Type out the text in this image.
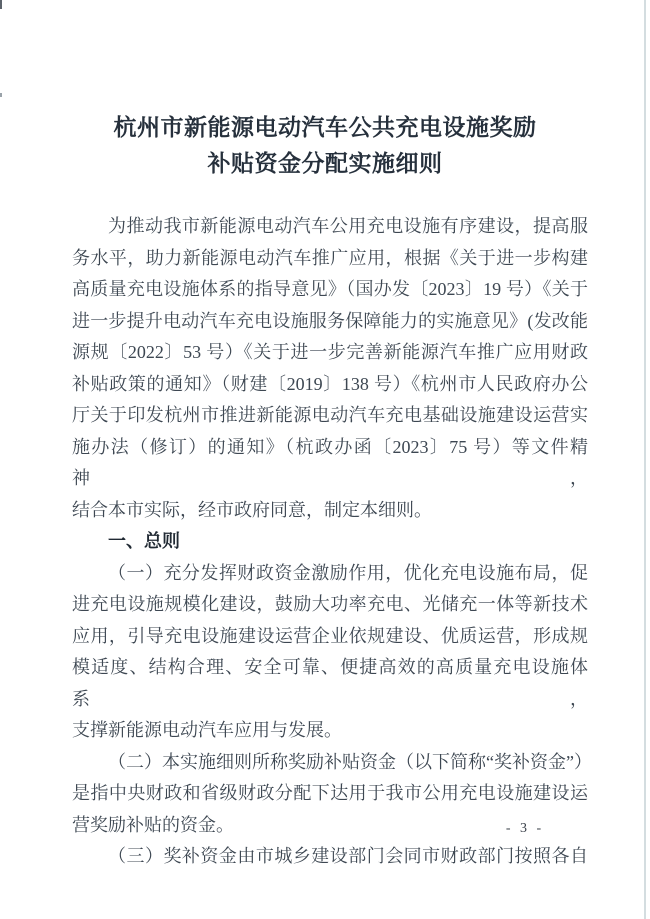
杭州市新能源电动汽车公共充电设施奖励
补贴资金分配实施细则
为推动我市新能源电动汽车公用充电设施有序建设，提高服
务水平，助力新能源电动汽车推广应用，根据《关于进一步构建
高质量充电设施体系的指导意见》（国办发〔2023〕19 号）《关于
进一步提升电动汽车充电设施服务保障能力的实施意见》(发改能
源规〔2022〕53 号）《关于进一步完善新能源汽车推广应用财政
补贴政策的通知》（财建〔2019〕138 号）《杭州市人民政府办公
厅关于印发杭州市推进新能源电动汽车充电基础设施建设运营实
施办法（修订）的通知》（杭政办函〔2023〕75 号）等文件精神，
结合本市实际，经市政府同意，制定本细则。
一、总则
（一）充分发挥财政资金激励作用，优化充电设施布局，促
进充电设施规模化建设，鼓励大功率充电、光储充一体等新技术
应用，引导充电设施建设运营企业依规建设、优质运营，形成规
模适度、结构合理、安全可靠、便捷高效的高质量充电设施体系，
支撑新能源电动汽车应用与发展。
（二）本实施细则所称奖励补贴资金（以下简称“奖补资金”）
是指中央财政和省级财政分配下达用于我市公用充电设施建设运
营奖励补贴的资金。
（三）奖补资金由市城乡建设部门会同市财政部门按照各自
- 3 -
